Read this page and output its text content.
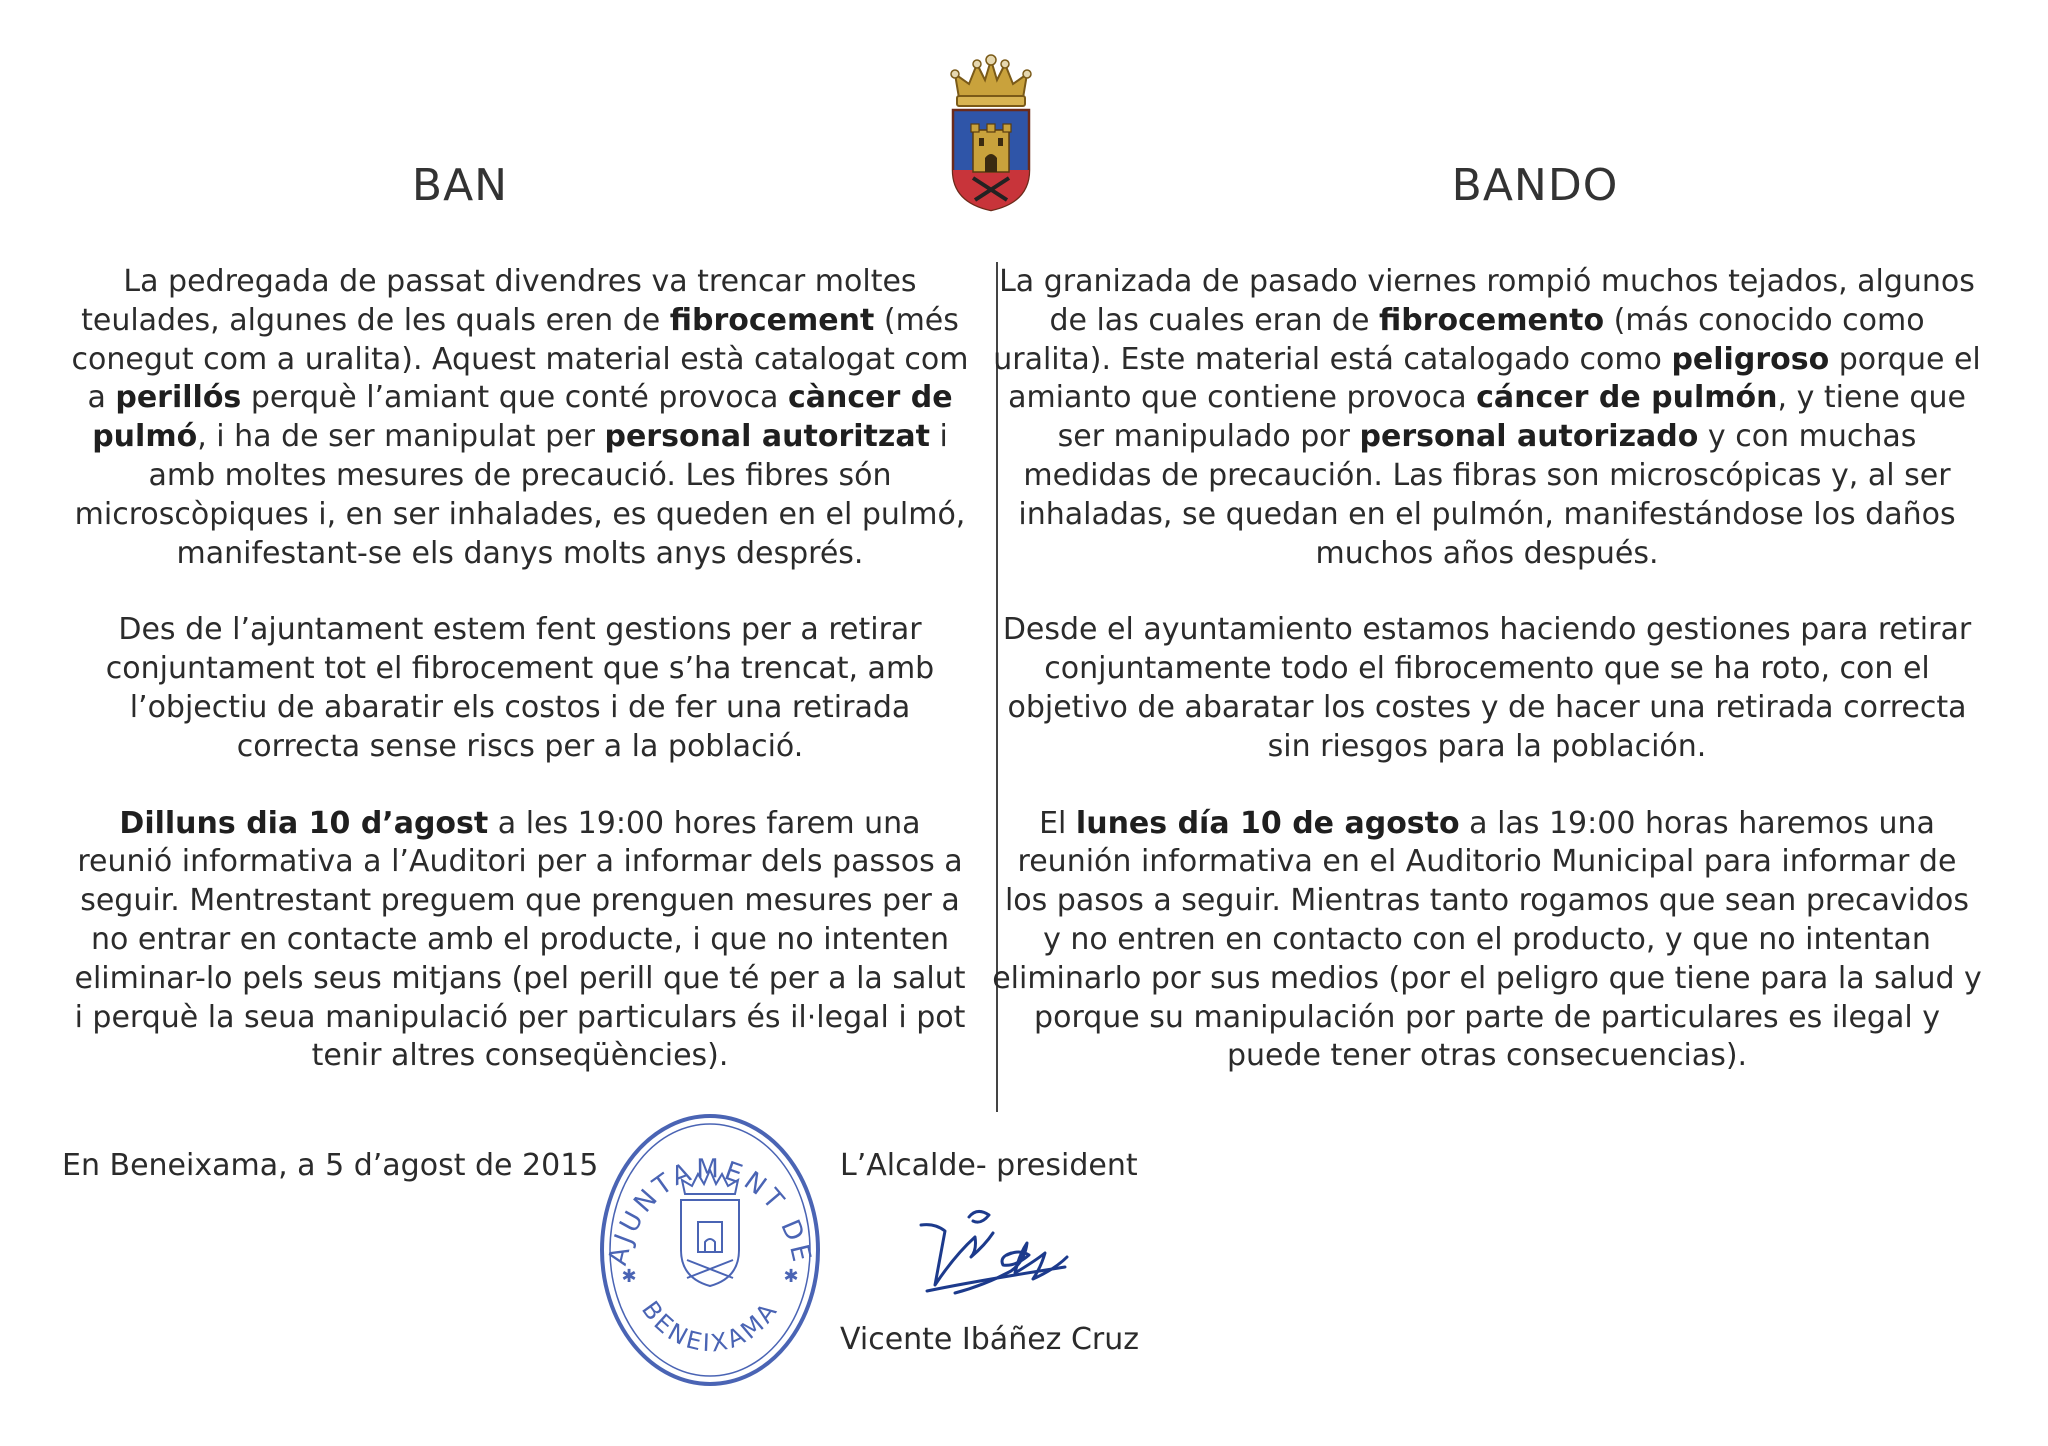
BAN	BANDO

La pedregada de passat divendres va trencar moltes teulades, algunes de les quals eren de fibrocement (més conegut com a uralita). Aquest material està catalogat com a perillós perquè l’amiant que conté provoca càncer de pulmó, i ha de ser manipulat per personal autoritzat i amb moltes mesures de precaució. Les fibres són microscòpiques i, en ser inhalades, es queden en el pulmó, manifestant-se els danys molts anys després.

Des de l’ajuntament estem fent gestions per a retirar conjuntament tot el fibrocement que s’ha trencat, amb l’objectiu de abaratir els costos i de fer una retirada correcta sense riscs per a la població.

Dilluns dia 10 d’agost a les 19:00 hores farem una reunió informativa a l’Auditori per a informar dels passos a seguir. Mentrestant preguem que prenguen mesures per a no entrar en contacte amb el producte, i que no intenten eliminar-lo pels seus mitjans (pel perill que té per a la salut i perquè la seua manipulació per particulars és il·legal i pot tenir altres conseqüències).

La granizada de pasado viernes rompió muchos tejados, algunos de las cuales eran de fibrocemento (más conocido como uralita). Este material está catalogado como peligroso porque el amianto que contiene provoca cáncer de pulmón, y tiene que ser manipulado por personal autorizado y con muchas medidas de precaución. Las fibras son microscópicas y, al ser inhaladas, se quedan en el pulmón, manifestándose los daños muchos años después.

Desde el ayuntamiento estamos haciendo gestiones para retirar conjuntamente todo el fibrocemento que se ha roto, con el objetivo de abaratar los costes y de hacer una retirada correcta sin riesgos para la población.

El lunes día 10 de agosto a las 19:00 horas haremos una reunión informativa en el Auditorio Municipal para informar de los pasos a seguir. Mientras tanto rogamos que sean precavidos y no entren en contacto con el producto, y que no intentan eliminarlo por sus medios (por el peligro que tiene para la salud y porque su manipulación por parte de particulares es ilegal y puede tener otras consecuencias).

En Beneixama, a 5 d’agost de 2015	L’Alcalde- president
Vicente Ibáñez Cruz
AJUNTAMENT DE
BENEIXAMA
✱	✱
